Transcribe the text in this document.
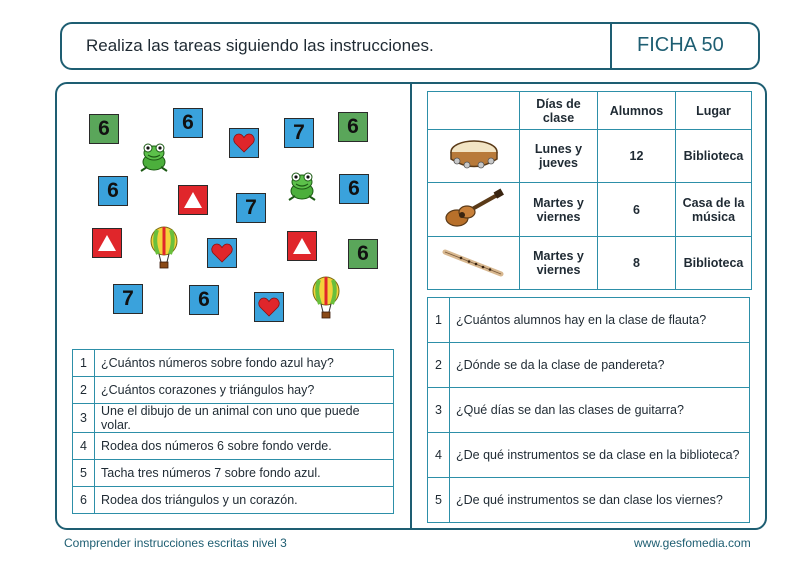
Realiza las tareas siguiendo las instrucciones.	FICHA 50
6	6
7
6
6	6
7
6
6
7
1	¿Cuántos números sobre fondo azul hay?
2	¿Cuántos corazones y triángulos hay?
3	Une el dibujo de un animal con uno que puede volar.
4	Rodea dos números 6 sobre fondo verde.
5	Tacha tres números 7 sobre fondo azul.
6	Rodea dos triángulos y un corazón.
	Días de clase	Alumnos	Lugar
	Lunes y jueves	12	Biblioteca
	Martes y viernes	6	Casa de la música
	Martes y viernes	8	Biblioteca
1	¿Cuántos alumnos hay en la clase de flauta?
2	¿Dónde se da la clase de pandereta?
3	¿Qué días se dan las clases de guitarra?
4	¿De qué instrumentos se da clase en la biblioteca?
5	¿De qué instrumentos se dan clase los viernes?
Comprender instrucciones escritas nivel 3	www.gesfomedia.com
